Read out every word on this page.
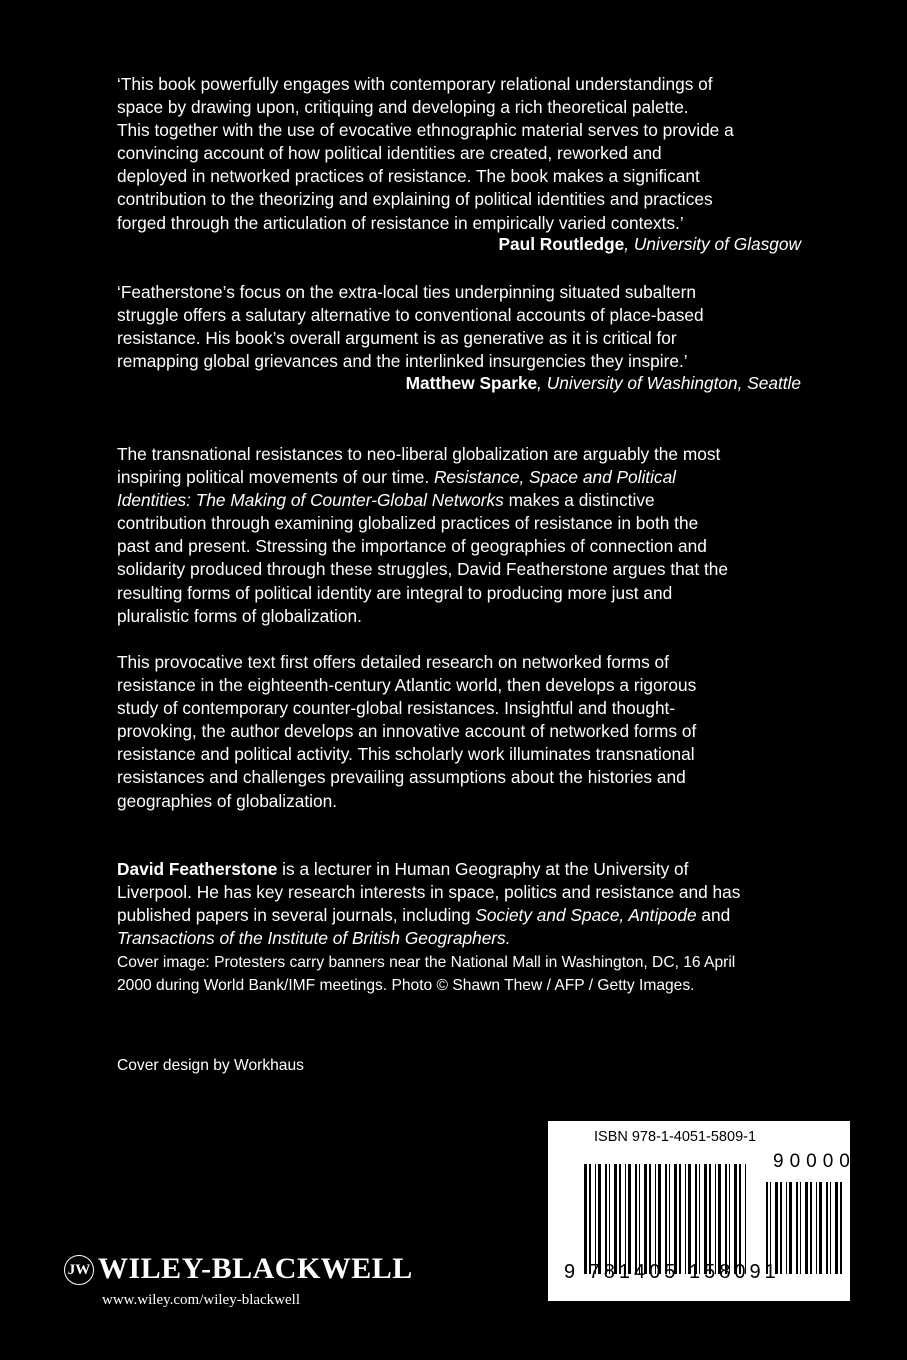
‘This book powerfully engages with contemporary relational understandings of
space by drawing upon, critiquing and developing a rich theoretical palette.
This together with the use of evocative ethnographic material serves to provide a
convincing account of how political identities are created, reworked and
deployed in networked practices of resistance. The book makes a significant
contribution to the theorizing and explaining of political identities and practices
forged through the articulation of resistance in empirically varied contexts.’
Paul Routledge, University of Glasgow
‘Featherstone’s focus on the extra-local ties underpinning situated subaltern
struggle offers a salutary alternative to conventional accounts of place-based
resistance. His book’s overall argument is as generative as it is critical for
remapping global grievances and the interlinked insurgencies they inspire.’
Matthew Sparke, University of Washington, Seattle
The transnational resistances to neo-liberal globalization are arguably the most
inspiring political movements of our time. Resistance, Space and Political
Identities: The Making of Counter-Global Networks makes a distinctive
contribution through examining globalized practices of resistance in both the
past and present. Stressing the importance of geographies of connection and
solidarity produced through these struggles, David Featherstone argues that the
resulting forms of political identity are integral to producing more just and
pluralistic forms of globalization.
This provocative text first offers detailed research on networked forms of
resistance in the eighteenth-century Atlantic world, then develops a rigorous
study of contemporary counter-global resistances. Insightful and thought-
provoking, the author develops an innovative account of networked forms of
resistance and political activity. This scholarly work illuminates transnational
resistances and challenges prevailing assumptions about the histories and
geographies of globalization.
David Featherstone is a lecturer in Human Geography at the University of
Liverpool. He has key research interests in space, politics and resistance and has
published papers in several journals, including Society and Space, Antipode and
Transactions of the Institute of British Geographers.
Cover image: Protesters carry banners near the National Mall in Washington, DC, 16 April
2000 during World Bank/IMF meetings. Photo © Shawn Thew / AFP / Getty Images.
Cover design by Workhaus
ISBN 978-1-4051-5809-1
90000
9 781405 158091
JW WILEY-BLACKWELL
www.wiley.com/wiley-blackwell
